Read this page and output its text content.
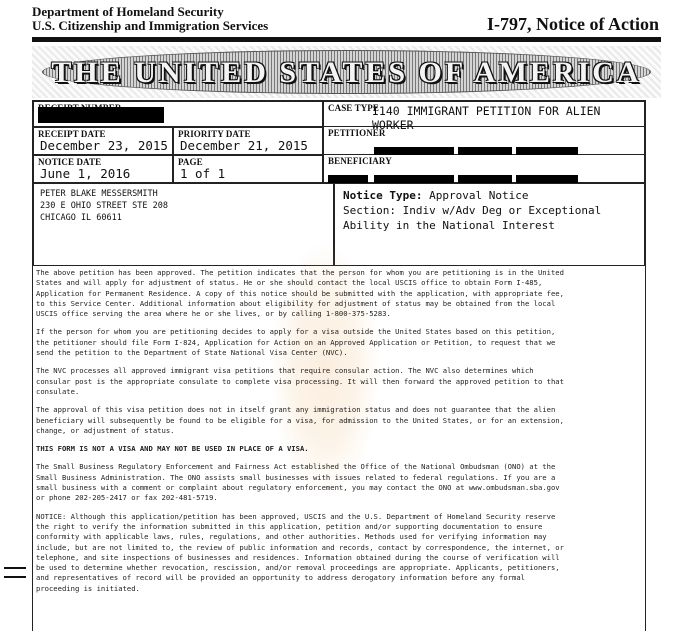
Department of Homeland Security
U.S. Citizenship and Immigration Services	I-797, Notice of Action
THE UNITED STATES OF AMERICA
CASE TYPE
I140 IMMIGRANT PETITION FOR ALIEN WORKER
RECEIPT DATE
December 23, 2015
PRIORITY DATE
December 21, 2015
PETITIONER
NOTICE DATE
June 1, 2016
PAGE
1 of 1
BENEFICIARY
PETER BLAKE MESSERSMITH
230 E OHIO STREET STE 208
CHICAGO IL 60611
Notice Type: Approval Notice
Section: Indiv w/Adv Deg or Exceptional
Ability in the National Interest

The above petition has been approved. The petition indicates that the person for whom you are petitioning is in the United
States and will apply for adjustment of status. He or she should contact the local USCIS office to obtain Form I-485,
Application for Permanent Residence. A copy of this notice should be submitted with the application, with appropriate fee,
to this Service Center. Additional information about eligibility for adjustment of status may be obtained from the local
USCIS office serving the area where he or she lives, or by calling 1-800-375-5283.

If the person for whom you are petitioning decides to apply for a visa outside the United States based on this petition,
the petitioner should file Form I-824, Application for Action on an Approved Application or Petition, to request that we
send the petition to the Department of State National Visa Center (NVC).

The NVC processes all approved immigrant visa petitions that require consular action. The NVC also determines which
consular post is the appropriate consulate to complete visa processing. It will then forward the approved petition to that
consulate.

The approval of this visa petition does not in itself grant any immigration status and does not guarantee that the alien
beneficiary will subsequently be found to be eligible for a visa, for admission to the United States, or for an extension,
change, or adjustment of status.

THIS FORM IS NOT A VISA AND MAY NOT BE USED IN PLACE OF A VISA.

The Small Business Regulatory Enforcement and Fairness Act established the Office of the National Ombudsman (ONO) at the
Small Business Administration. The ONO assists small businesses with issues related to federal regulations. If you are a
small business with a comment or complaint about regulatory enforcement, you may contact the ONO at www.ombudsman.sba.gov
or phone 202-205-2417 or fax 202-481-5719.

NOTICE: Although this application/petition has been approved, USCIS and the U.S. Department of Homeland Security reserve
the right to verify the information submitted in this application, petition and/or supporting documentation to ensure
conformity with applicable laws, rules, regulations, and other authorities. Methods used for verifying information may
include, but are not limited to, the review of public information and records, contact by correspondence, the internet, or
telephone, and site inspections of businesses and residences. Information obtained during the course of verification will
be used to determine whether revocation, rescission, and/or removal proceedings are appropriate. Applicants, petitioners,
and representatives of record will be provided an opportunity to address derogatory information before any formal
proceeding is initiated.
